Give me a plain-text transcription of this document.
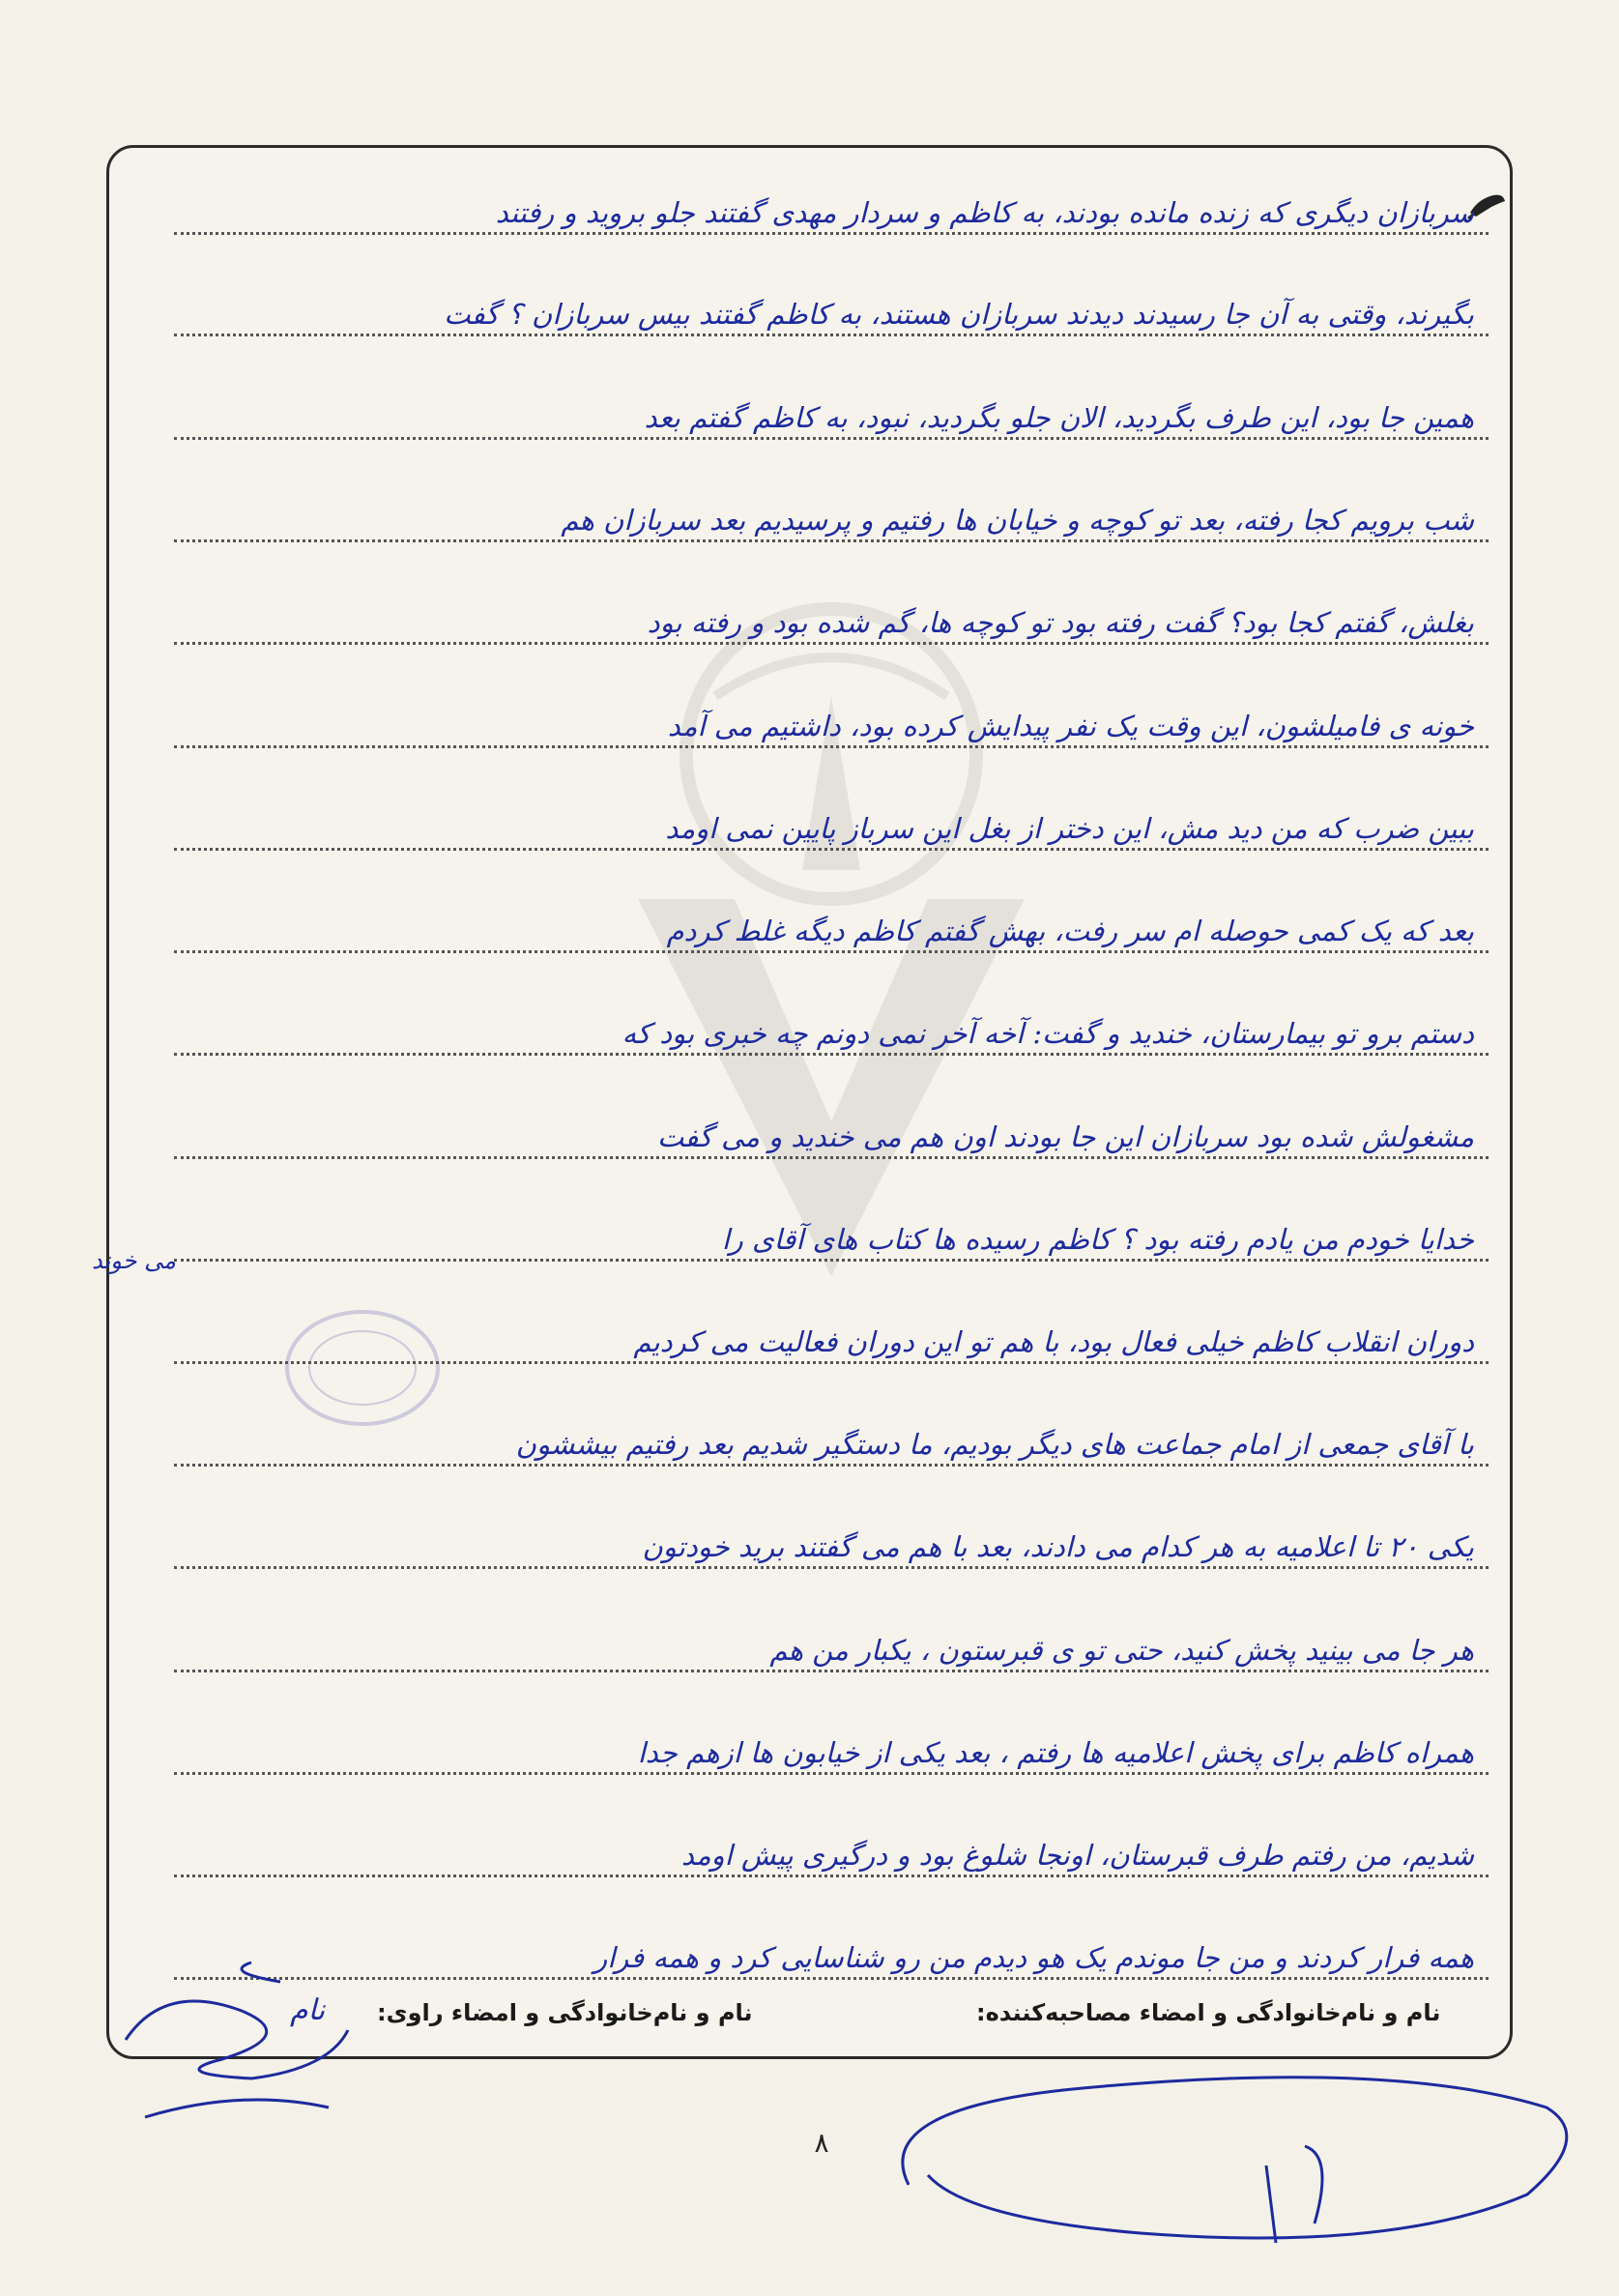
سربازان دیگری که زنده مانده بودند، به کاظم و سردار مهدی گفتند جلو بروید و رفتند
بگیرند، وقتی به آن جا رسیدند دیدند سربازان هستند، به کاظم گفتند بیس سربازان ؟ گفت
همین جا بود، این طرف بگردید، الان جلو بگردید، نبود، به کاظم گفتم بعد
شب برویم کجا رفته، بعد تو کوچه و خیابان ها رفتیم و پرسیدیم بعد سربازان هم
بغلش، گفتم کجا بود؟ گفت رفته بود تو کوچه ها، گم شده بود و رفته بود
خونه ی فامیلشون، این وقت یک نفر پیدایش کرده بود، داشتیم می آمد
ببین ضرب که من دید مش، این دختر از بغل این سرباز پایین نمی اومد
بعد که یک کمی حوصله ام سر رفت، بهش گفتم کاظم دیگه غلط کردم
دستم برو تو بیمارستان، خندید و گفت: آخه آخر نمی دونم چه خبری بود که
مشغولش شده بود سربازان این جا بودند اون هم می خندید و می گفت
خدایا خودم من یادم رفته بود ؟ کاظم رسیده ها کتاب های آقای را
دوران انقلاب کاظم خیلی فعال بود، با هم تو این دوران فعالیت می کردیم
با آقای جمعی از امام جماعت های دیگر بودیم، ما دستگیر شدیم بعد رفتیم بیششون
یکی ۲۰ تا اعلامیه به هر کدام می دادند، بعد با هم می گفتند برید خودتون
هر جا می بینید پخش کنید، حتی تو ی قبرستون ، یکبار من هم
همراه کاظم برای پخش اعلامیه ها رفتم ، بعد یکی از خیابون ها ازهم جدا
شدیم، من رفتم طرف قبرستان، اونجا شلوغ بود و درگیری پیش اومد
همه فرار کردند و من جا موندم یک هو دیدم من رو شناسایی کرد و همه فرار
می خوند
نام و نام‌خانوادگی و امضاء مصاحبه‌کننده:
نام و نام‌خانوادگی و امضاء راوی:
نام
۸
